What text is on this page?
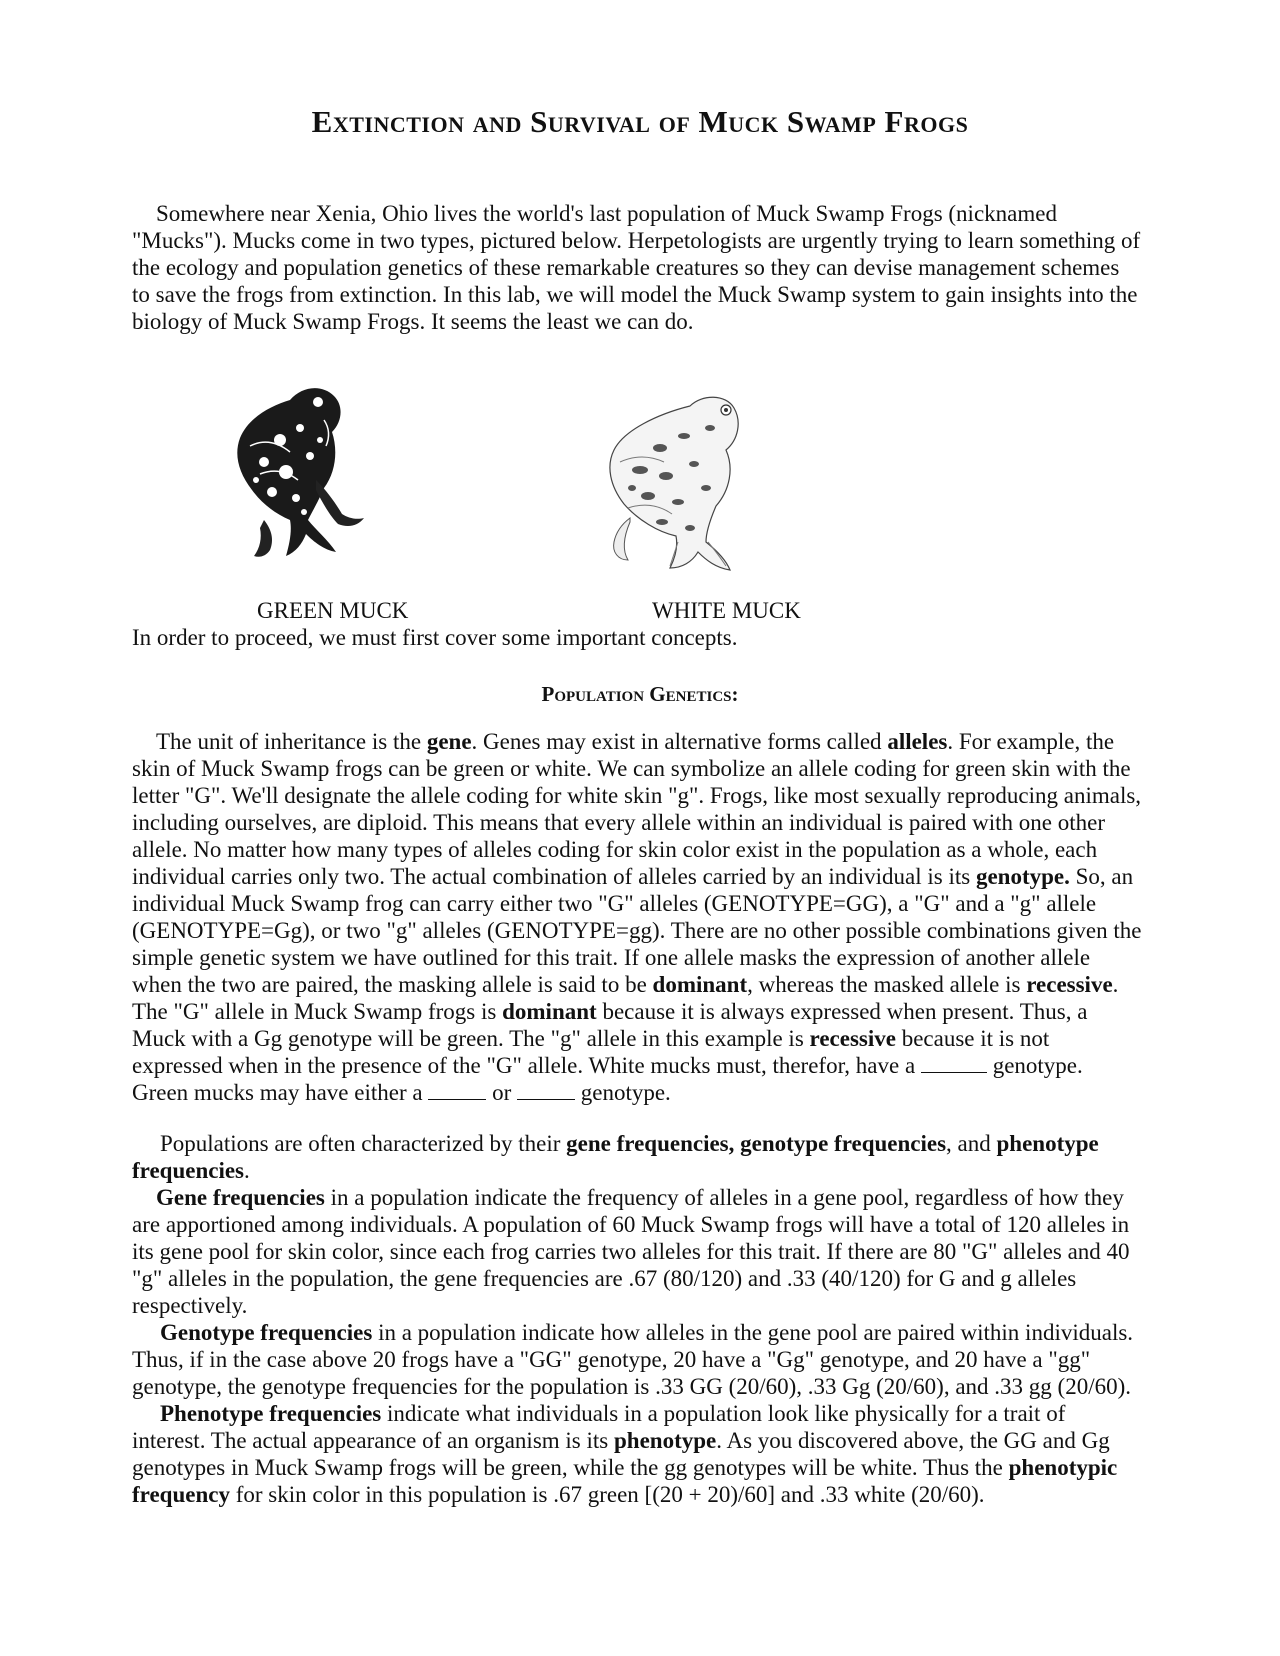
Extinction and Survival of Muck Swamp Frogs

Somewhere near Xenia, Ohio lives the world's last population of Muck Swamp Frogs (nicknamed "Mucks"). Mucks come in two types, pictured below. Herpetologists are urgently trying to learn something of the ecology and population genetics of these remarkable creatures so they can devise management schemes to save the frogs from extinction. In this lab, we will model the Muck Swamp system to gain insights into the biology of Muck Swamp Frogs. It seems the least we can do.

GREEN MUCK	WHITE MUCK

In order to proceed, we must first cover some important concepts.

Population Genetics:

The unit of inheritance is the gene. Genes may exist in alternative forms called alleles. For example, the skin of Muck Swamp frogs can be green or white. We can symbolize an allele coding for green skin with the letter "G". We'll designate the allele coding for white skin "g". Frogs, like most sexually reproducing animals, including ourselves, are diploid. This means that every allele within an individual is paired with one other allele. No matter how many types of alleles coding for skin color exist in the population as a whole, each individual carries only two. The actual combination of alleles carried by an individual is its genotype. So, an individual Muck Swamp frog can carry either two "G" alleles (GENOTYPE=GG), a "G" and a "g" allele (GENOTYPE=Gg), or two "g" alleles (GENOTYPE=gg). There are no other possible combinations given the simple genetic system we have outlined for this trait. If one allele masks the expression of another allele when the two are paired, the masking allele is said to be dominant, whereas the masked allele is recessive. The "G" allele in Muck Swamp frogs is dominant because it is always expressed when present. Thus, a Muck with a Gg genotype will be green. The "g" allele in this example is recessive because it is not expressed when in the presence of the "G" allele. White mucks must, therefor, have a	genotype. Green mucks may have either a	or	genotype.

Populations are often characterized by their gene frequencies, genotype frequencies, and phenotype frequencies.

Gene frequencies in a population indicate the frequency of alleles in a gene pool, regardless of how they are apportioned among individuals. A population of 60 Muck Swamp frogs will have a total of 120 alleles in its gene pool for skin color, since each frog carries two alleles for this trait. If there are 80 "G" alleles and 40 "g" alleles in the population, the gene frequencies are .67 (80/120) and .33 (40/120) for G and g alleles respectively.

Genotype frequencies in a population indicate how alleles in the gene pool are paired within individuals. Thus, if in the case above 20 frogs have a "GG" genotype, 20 have a "Gg" genotype, and 20 have a "gg" genotype, the genotype frequencies for the population is .33 GG (20/60), .33 Gg (20/60), and .33 gg (20/60).

Phenotype frequencies indicate what individuals in a population look like physically for a trait of interest. The actual appearance of an organism is its phenotype. As you discovered above, the GG and Gg genotypes in Muck Swamp frogs will be green, while the gg genotypes will be white. Thus the phenotypic frequency for skin color in this population is .67 green [(20 + 20)/60] and .33 white (20/60).
